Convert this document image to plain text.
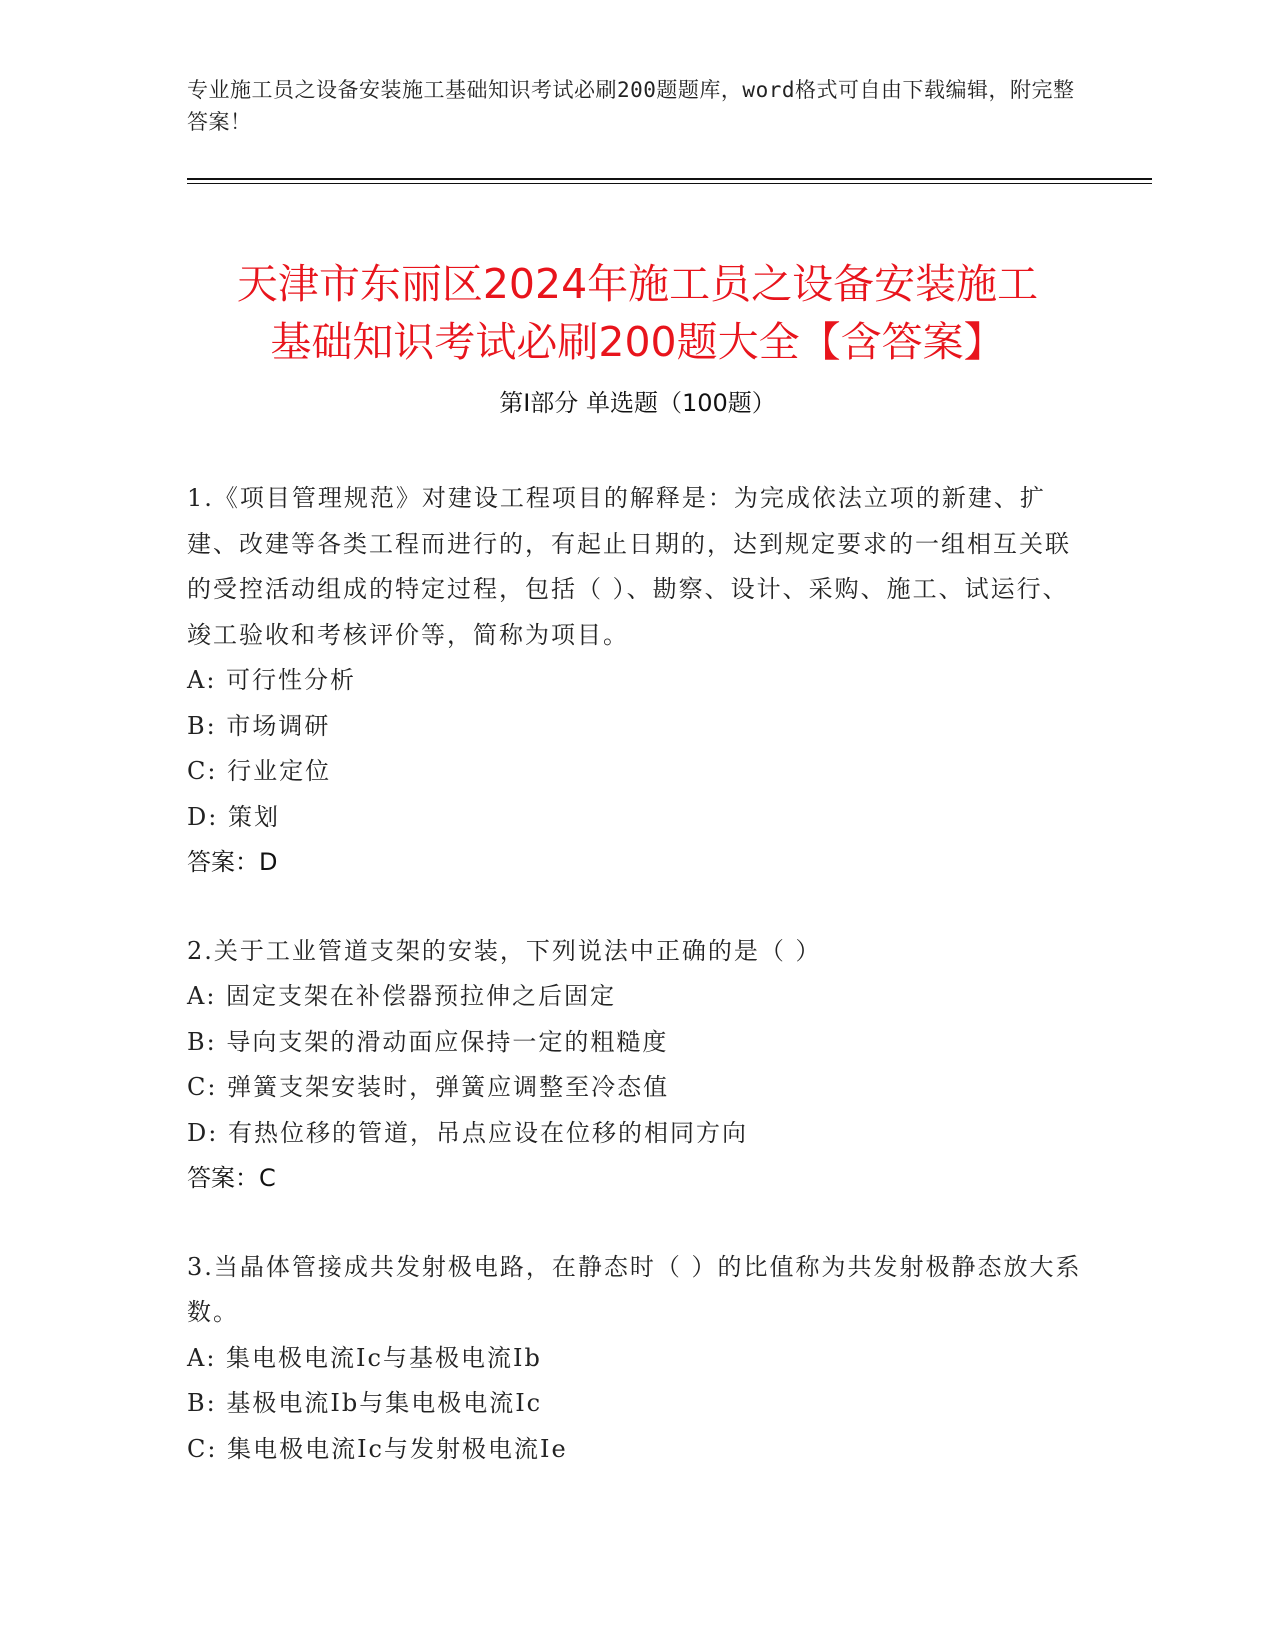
专业施工员之设备安装施工基础知识考试必刷200题题库，word格式可自由下载编辑，附完整答案！
天津市东丽区2024年施工员之设备安装施工
基础知识考试必刷200题大全【含答案】
第I部分 单选题（100题）

1.《项目管理规范》对建设工程项目的解释是：为完成依法立项的新建、扩建、改建等各类工程而进行的，有起止日期的，达到规定要求的一组相互关联的受控活动组成的特定过程，包括（ ）、勘察、设计、采购、施工、试运行、竣工验收和考核评价等，简称为项目。

A: 可行性分析

B: 市场调研

C: 行业定位

D: 策划

答案：D

2.关于工业管道支架的安装，下列说法中正确的是（ ）

A: 固定支架在补偿器预拉伸之后固定

B: 导向支架的滑动面应保持一定的粗糙度

C: 弹簧支架安装时，弹簧应调整至冷态值

D: 有热位移的管道，吊点应设在位移的相同方向

答案：C

3.当晶体管接成共发射极电路，在静态时（ ）的比值称为共发射极静态放大系数。

A: 集电极电流Ic与基极电流Ib

B: 基极电流Ib与集电极电流Ic

C: 集电极电流Ic与发射极电流Ie
